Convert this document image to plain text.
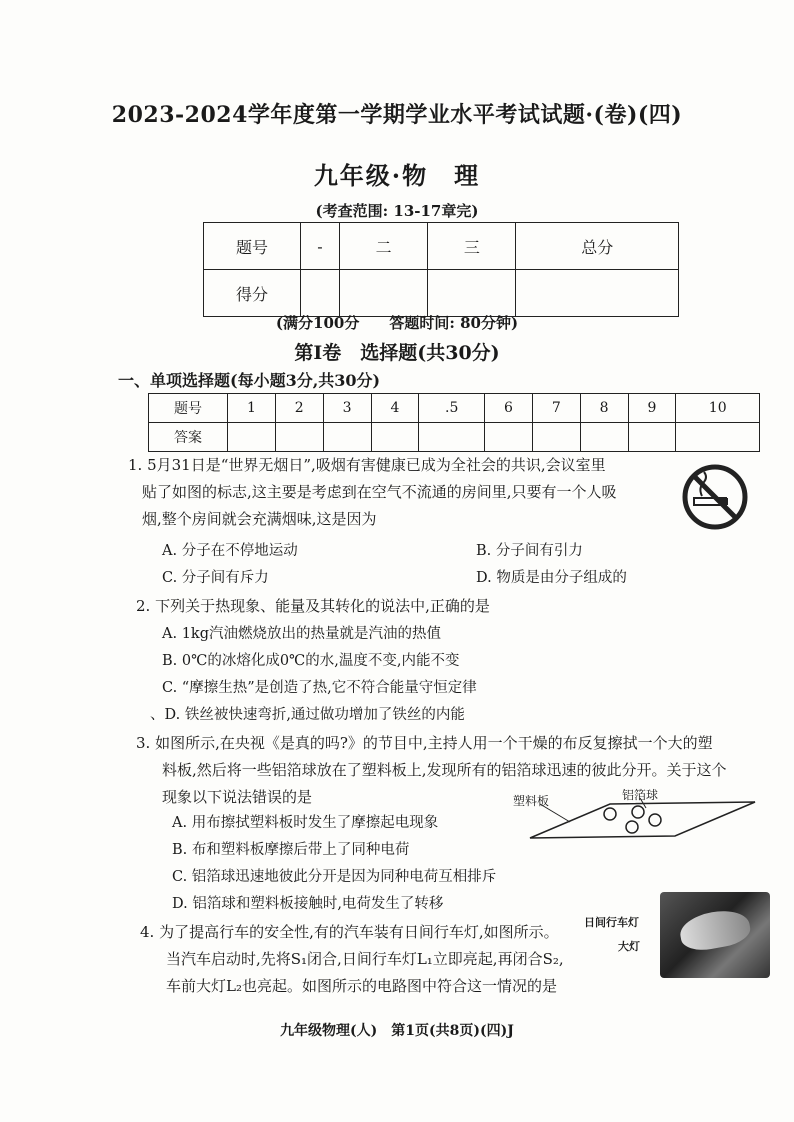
2023-2024学年度第一学期学业水平考试试题·(卷)(四)
九年级·物　理
(考查范围: 13-17章完)
题号	-	二	三	总分
得分				
(满分100分　　答题时间: 80分钟)
第Ⅰ卷　选择题(共30分)
一、单项选择题(每小题3分,共30分)
题号	1	2	3	4	.5	6	7	8	9	10
答案										
1. 5月31日是“世界无烟日”,吸烟有害健康已成为全社会的共识,会议室里
贴了如图的标志,这主要是考虑到在空气不流通的房间里,只要有一个人吸
烟,整个房间就会充满烟味,这是因为
A. 分子在不停地运动	B. 分子间有引力
C. 分子间有斥力	D. 物质是由分子组成的
2. 下列关于热现象、能量及其转化的说法中,正确的是
A. 1kg汽油燃烧放出的热量就是汽油的热值
B. 0℃的冰熔化成0℃的水,温度不变,内能不变
C. “摩擦生热”是创造了热,它不符合能量守恒定律
、D. 铁丝被快速弯折,通过做功增加了铁丝的内能
3. 如图所示,在央视《是真的吗?》的节目中,主持人用一个干燥的布反复擦拭一个大的塑
料板,然后将一些铝箔球放在了塑料板上,发现所有的铝箔球迅速的彼此分开。关于这个
现象以下说法错误的是
A. 用布擦拭塑料板时发生了摩擦起电现象
B. 布和塑料板摩擦后带上了同种电荷
C. 铝箔球迅速地彼此分开是因为同种电荷互相排斥
D. 铝箔球和塑料板接触时,电荷发生了转移
塑料板	铝箔球
4. 为了提高行车的安全性,有的汽车装有日间行车灯,如图所示。
当汽车启动时,先将S₁闭合,日间行车灯L₁立即亮起,再闭合S₂,
车前大灯L₂也亮起。如图所示的电路图中符合这一情况的是
日间行车灯
大灯
九年级物理(人)　第1页(共8页)(四)J
